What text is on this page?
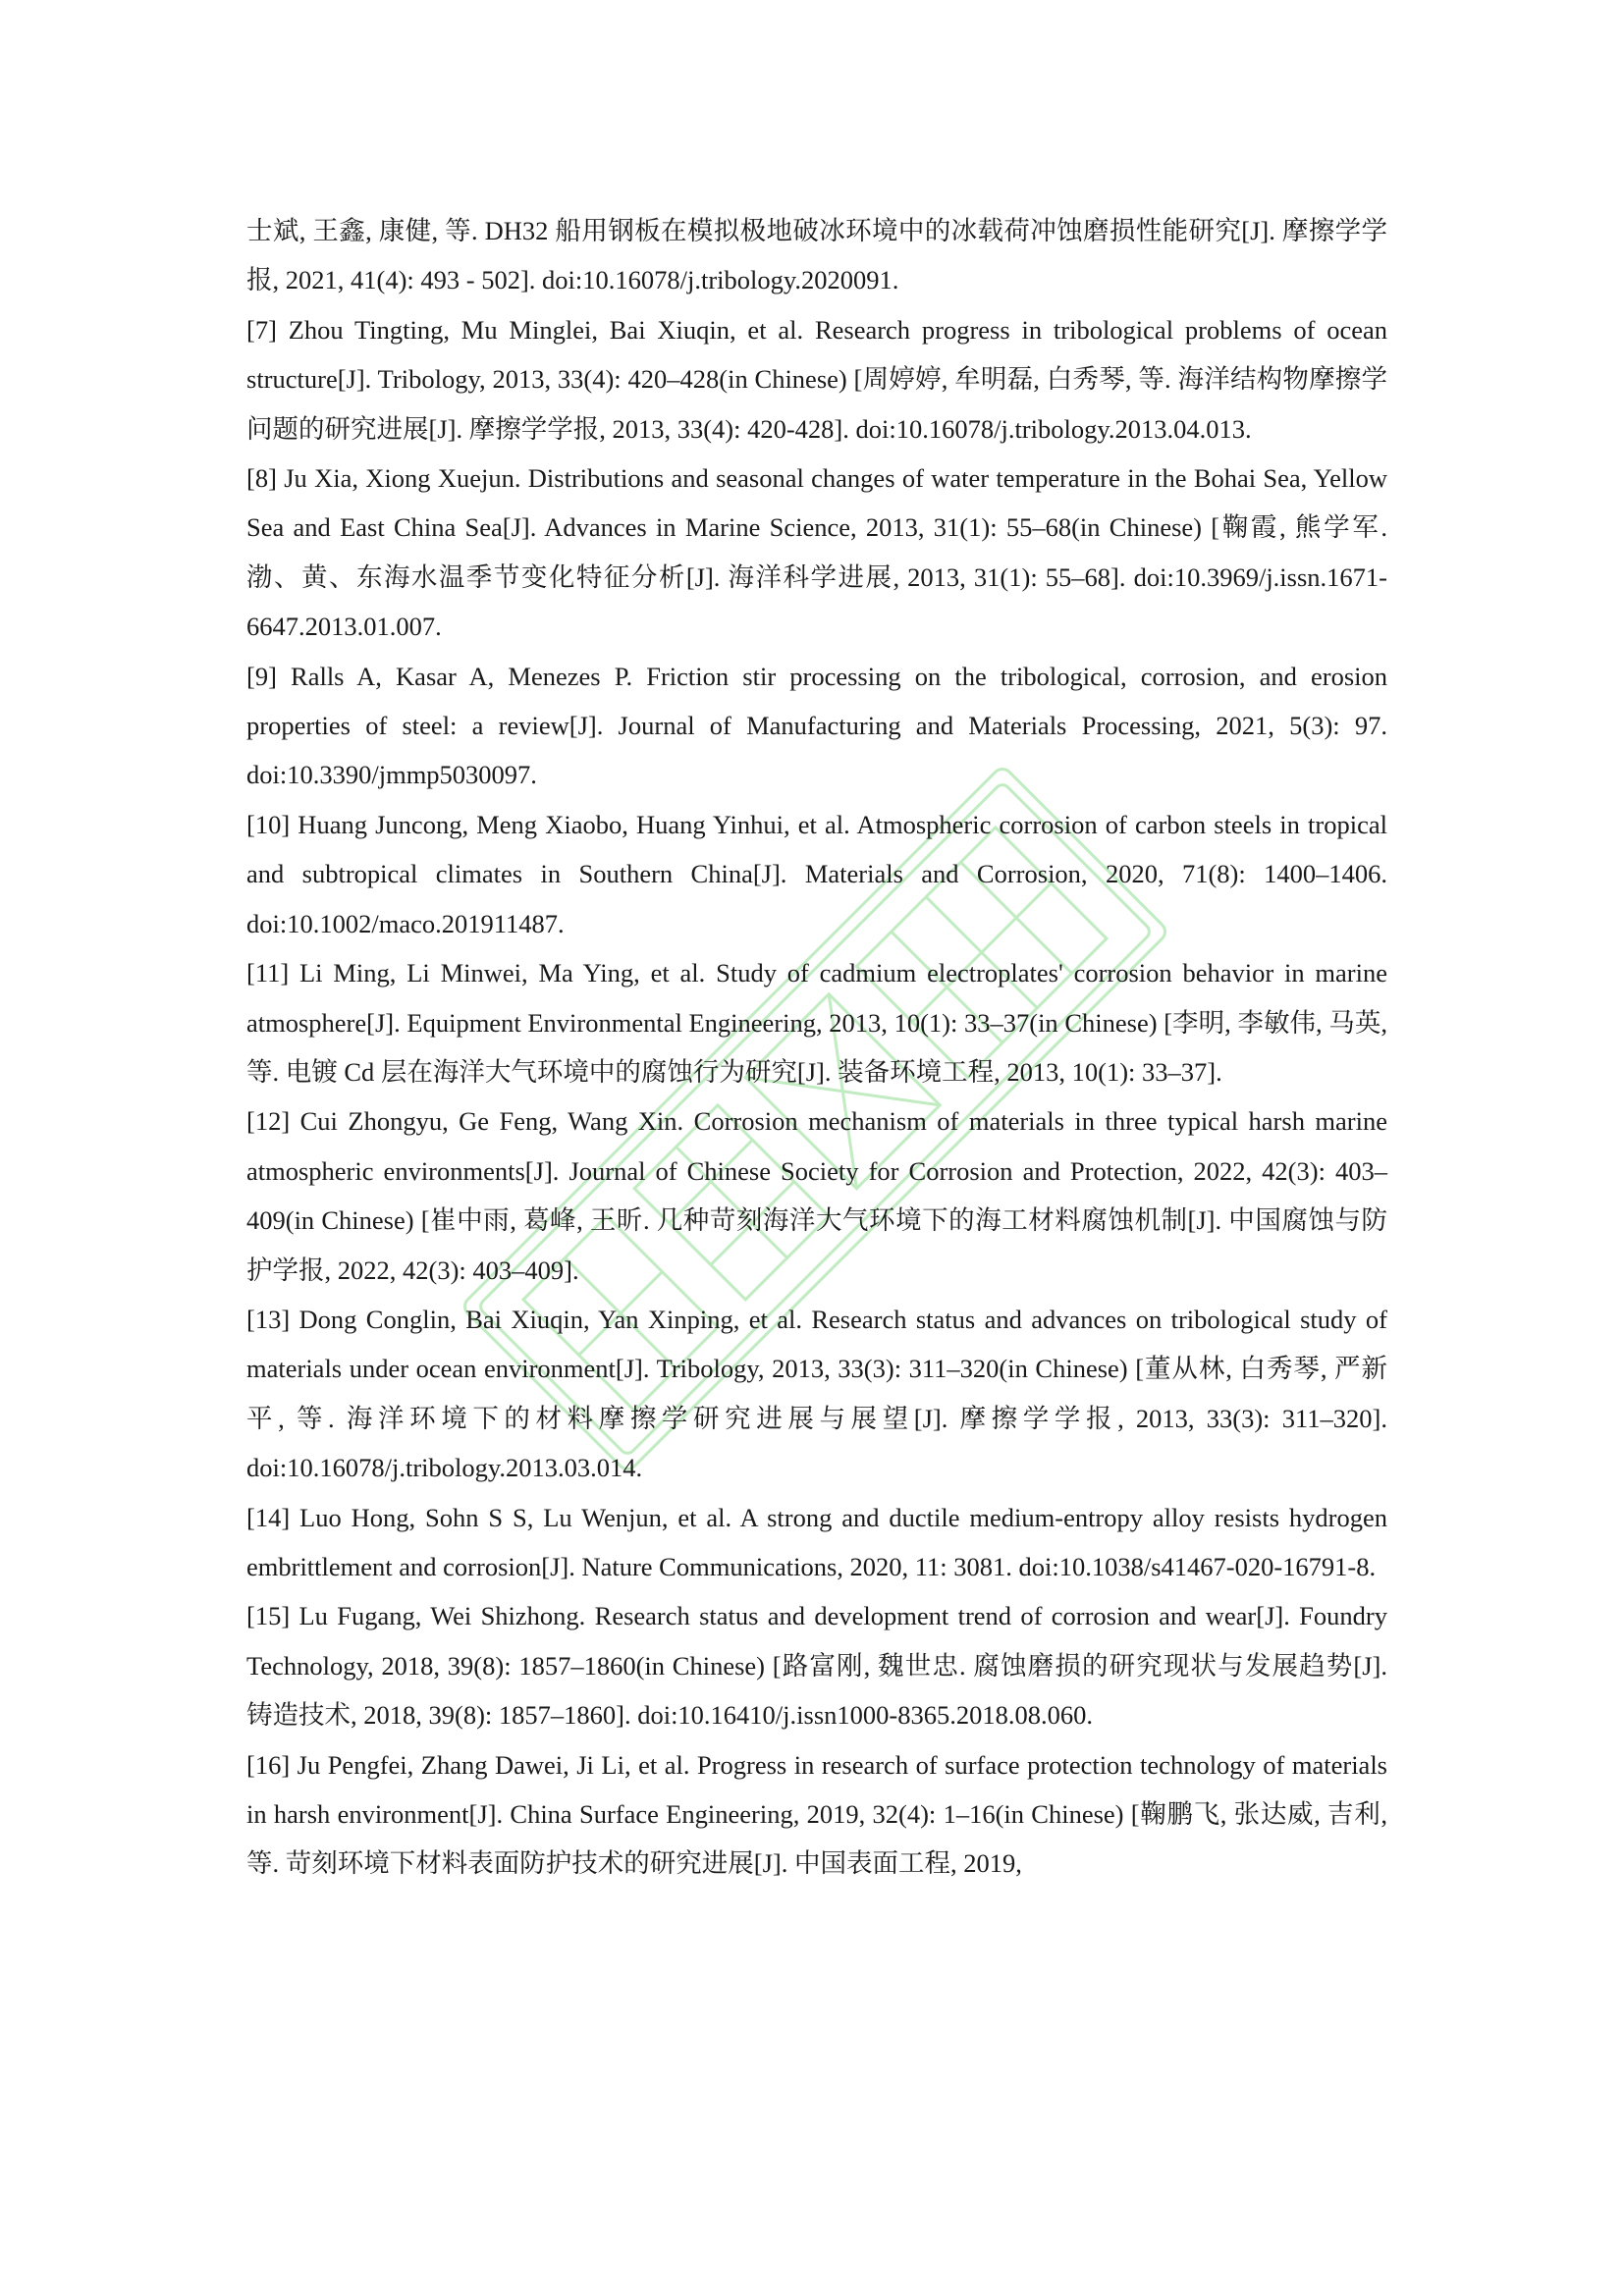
士斌, 王鑫, 康健, 等. DH32 船用钢板在模拟极地破冰环境中的冰载荷冲蚀磨损性能研究[J]. 摩擦学学报, 2021, 41(4): 493 - 502]. doi:10.16078/j.tribology.2020091.

[7] Zhou Tingting, Mu Minglei, Bai Xiuqin, et al. Research progress in tribological problems of ocean structure[J]. Tribology, 2013, 33(4): 420–428(in Chinese) [周婷婷, 牟明磊, 白秀琴, 等. 海洋结构物摩擦学问题的研究进展[J]. 摩擦学学报, 2013, 33(4): 420-428]. doi:10.16078/j.tribology.2013.04.013.

[8] Ju Xia, Xiong Xuejun. Distributions and seasonal changes of water temperature in the Bohai Sea, Yellow Sea and East China Sea[J]. Advances in Marine Science, 2013, 31(1): 55–68(in Chinese) [鞠霞, 熊学军. 渤、黄、东海水温季节变化特征分析[J]. 海洋科学进展, 2013, 31(1): 55–68]. doi:10.3969/j.issn.1671-6647.2013.01.007.

[9] Ralls A, Kasar A, Menezes P. Friction stir processing on the tribological, corrosion, and erosion properties of steel: a review[J]. Journal of Manufacturing and Materials Processing, 2021, 5(3): 97. doi:10.3390/jmmp5030097.

[10] Huang Juncong, Meng Xiaobo, Huang Yinhui, et al. Atmospheric corrosion of carbon steels in tropical and subtropical climates in Southern China[J]. Materials and Corrosion, 2020, 71(8): 1400–1406. doi:10.1002/maco.201911487.

[11] Li Ming, Li Minwei, Ma Ying, et al. Study of cadmium electroplates' corrosion behavior in marine atmosphere[J]. Equipment Environmental Engineering, 2013, 10(1): 33–37(in Chinese) [李明, 李敏伟, 马英, 等. 电镀 Cd 层在海洋大气环境中的腐蚀行为研究[J]. 装备环境工程, 2013, 10(1): 33–37].

[12] Cui Zhongyu, Ge Feng, Wang Xin. Corrosion mechanism of materials in three typical harsh marine atmospheric environments[J]. Journal of Chinese Society for Corrosion and Protection, 2022, 42(3): 403–409(in Chinese) [崔中雨, 葛峰, 王昕. 几种苛刻海洋大气环境下的海工材料腐蚀机制[J]. 中国腐蚀与防护学报, 2022, 42(3): 403–409].

[13] Dong Conglin, Bai Xiuqin, Yan Xinping, et al. Research status and advances on tribological study of materials under ocean environment[J]. Tribology, 2013, 33(3): 311–320(in Chinese) [董从林, 白秀琴, 严新平, 等. 海洋环境下的材料摩擦学研究进展与展望[J]. 摩擦学学报, 2013, 33(3): 311–320]. doi:10.16078/j.tribology.2013.03.014.

[14] Luo Hong, Sohn S S, Lu Wenjun, et al. A strong and ductile medium-entropy alloy resists hydrogen embrittlement and corrosion[J]. Nature Communications, 2020, 11: 3081. doi:10.1038/s41467-020-16791-8.

[15] Lu Fugang, Wei Shizhong. Research status and development trend of corrosion and wear[J]. Foundry Technology, 2018, 39(8): 1857–1860(in Chinese) [路富刚, 魏世忠. 腐蚀磨损的研究现状与发展趋势[J]. 铸造技术, 2018, 39(8): 1857–1860]. doi:10.16410/j.issn1000-8365.2018.08.060.

[16] Ju Pengfei, Zhang Dawei, Ji Li, et al. Progress in research of surface protection technology of materials in harsh environment[J]. China Surface Engineering, 2019, 32(4): 1–16(in Chinese) [鞠鹏飞, 张达威, 吉利, 等. 苛刻环境下材料表面防护技术的研究进展[J]. 中国表面工程, 2019,
